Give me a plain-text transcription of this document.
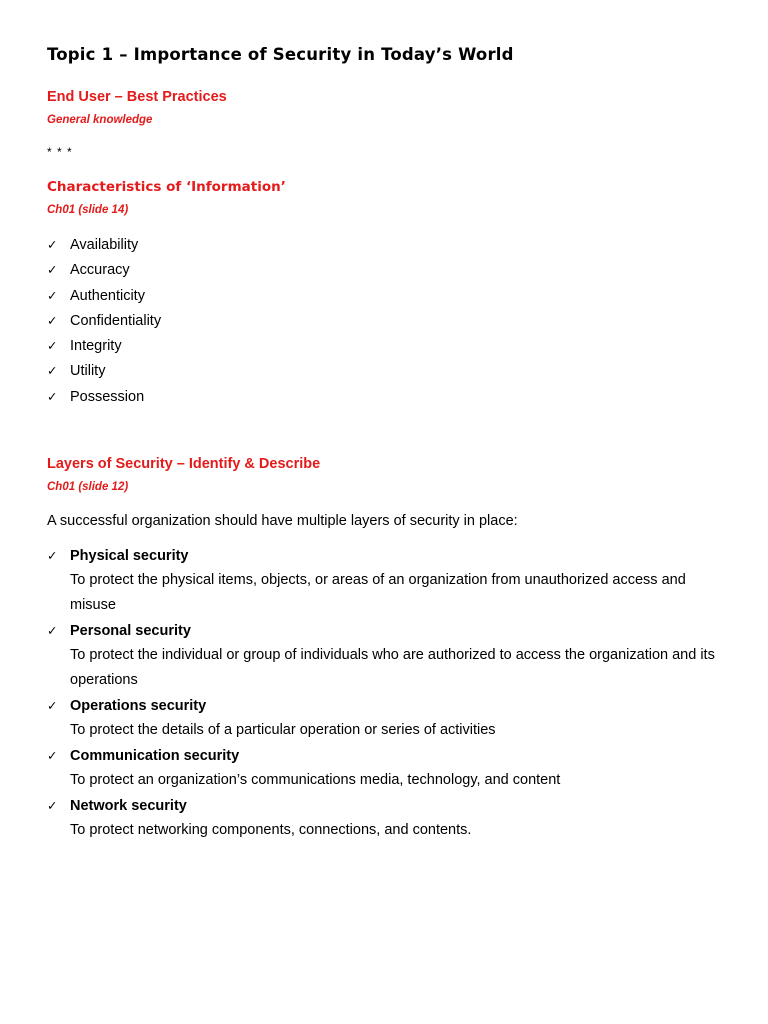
Topic 1 – Importance of Security in Today’s World
End User – Best Practices
General knowledge
* * *
Characteristics of ‘Information’
Ch01 (slide 14)
✓ Availability
✓ Accuracy
✓ Authenticity
✓ Confidentiality
✓ Integrity
✓ Utility
✓ Possession
Layers of Security – Identify & Describe
Ch01 (slide 12)
A successful organization should have multiple layers of security in place:
✓ Physical security
To protect the physical items, objects, or areas of an organization from unauthorized access and misuse
✓ Personal security
To protect the individual or group of individuals who are authorized to access the organization and its operations
✓ Operations security
To protect the details of a particular operation or series of activities
✓ Communication security
To protect an organization’s communications media, technology, and content
✓ Network security
To protect networking components, connections, and contents.
